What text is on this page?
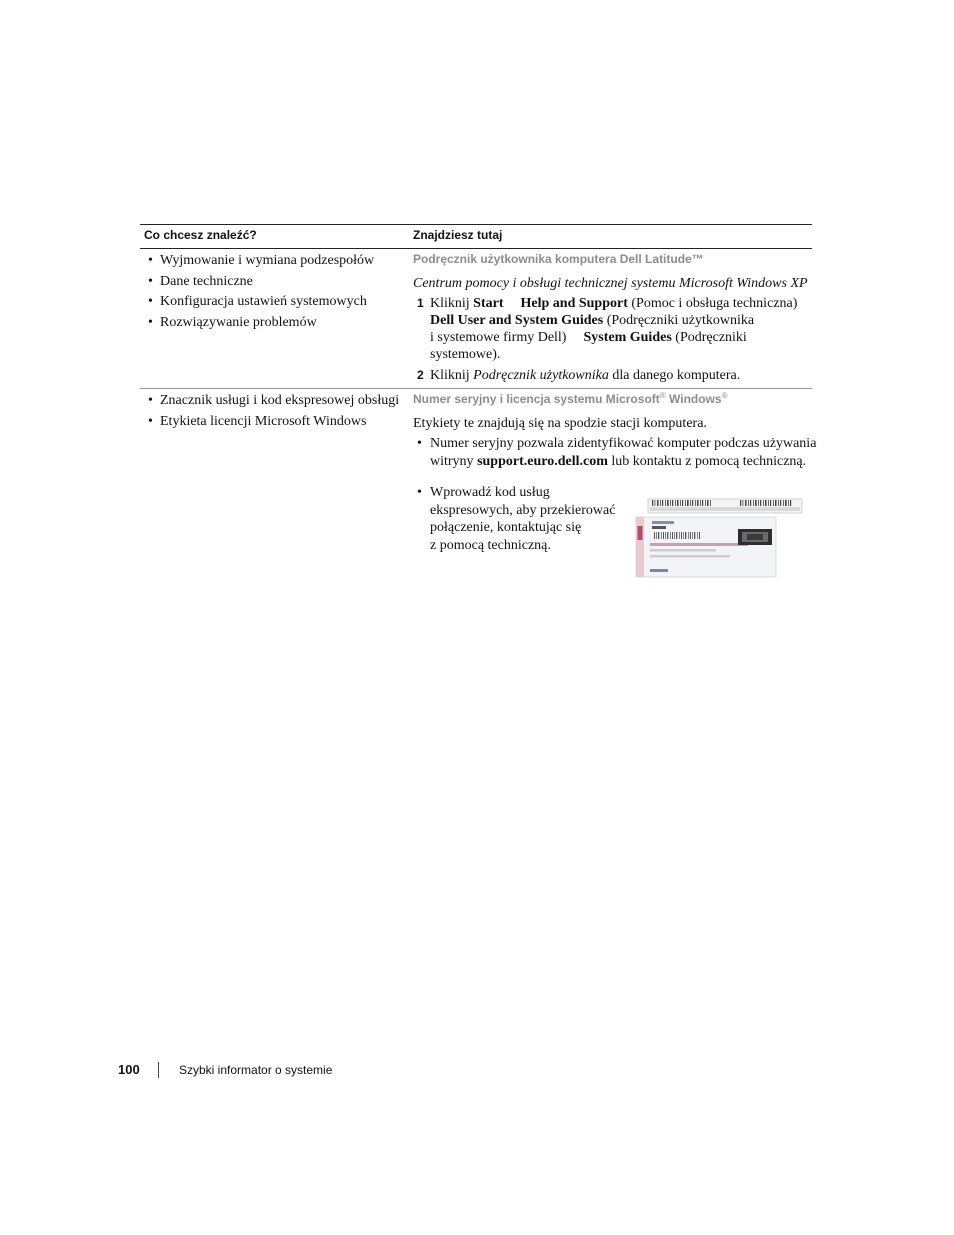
Co chcesz znaleźć?	Znajdziesz tutaj
• Wyjmowanie i wymiana podzespołów
• Dane techniczne
• Konfiguracja ustawień systemowych
• Rozwiązywanie problemów
Podręcznik użytkownika komputera Dell Latitude™
Centrum pomocy i obsługi technicznej systemu Microsoft Windows XP
1 Kliknij Start Help and Support (Pomoc i obsługa techniczna)
Dell User and System Guides (Podręczniki użytkownika
i systemowe firmy Dell) System Guides (Podręczniki
systemowe).
2 Kliknij Podręcznik użytkownika dla danego komputera.
• Znacznik usługi i kod ekspresowej obsługi
• Etykieta licencji Microsoft Windows
Numer seryjny i licencja systemu Microsoft® Windows®
Etykiety te znajdują się na spodzie stacji komputera.
• Numer seryjny pozwala zidentyfikować komputer podczas używania
witryny support.euro.dell.com lub kontaktu z pomocą techniczną.
• Wprowadź kod usług
ekspresowych, aby przekierować
połączenie, kontaktując się
z pomocą techniczną.
100	Szybki informator o systemie
